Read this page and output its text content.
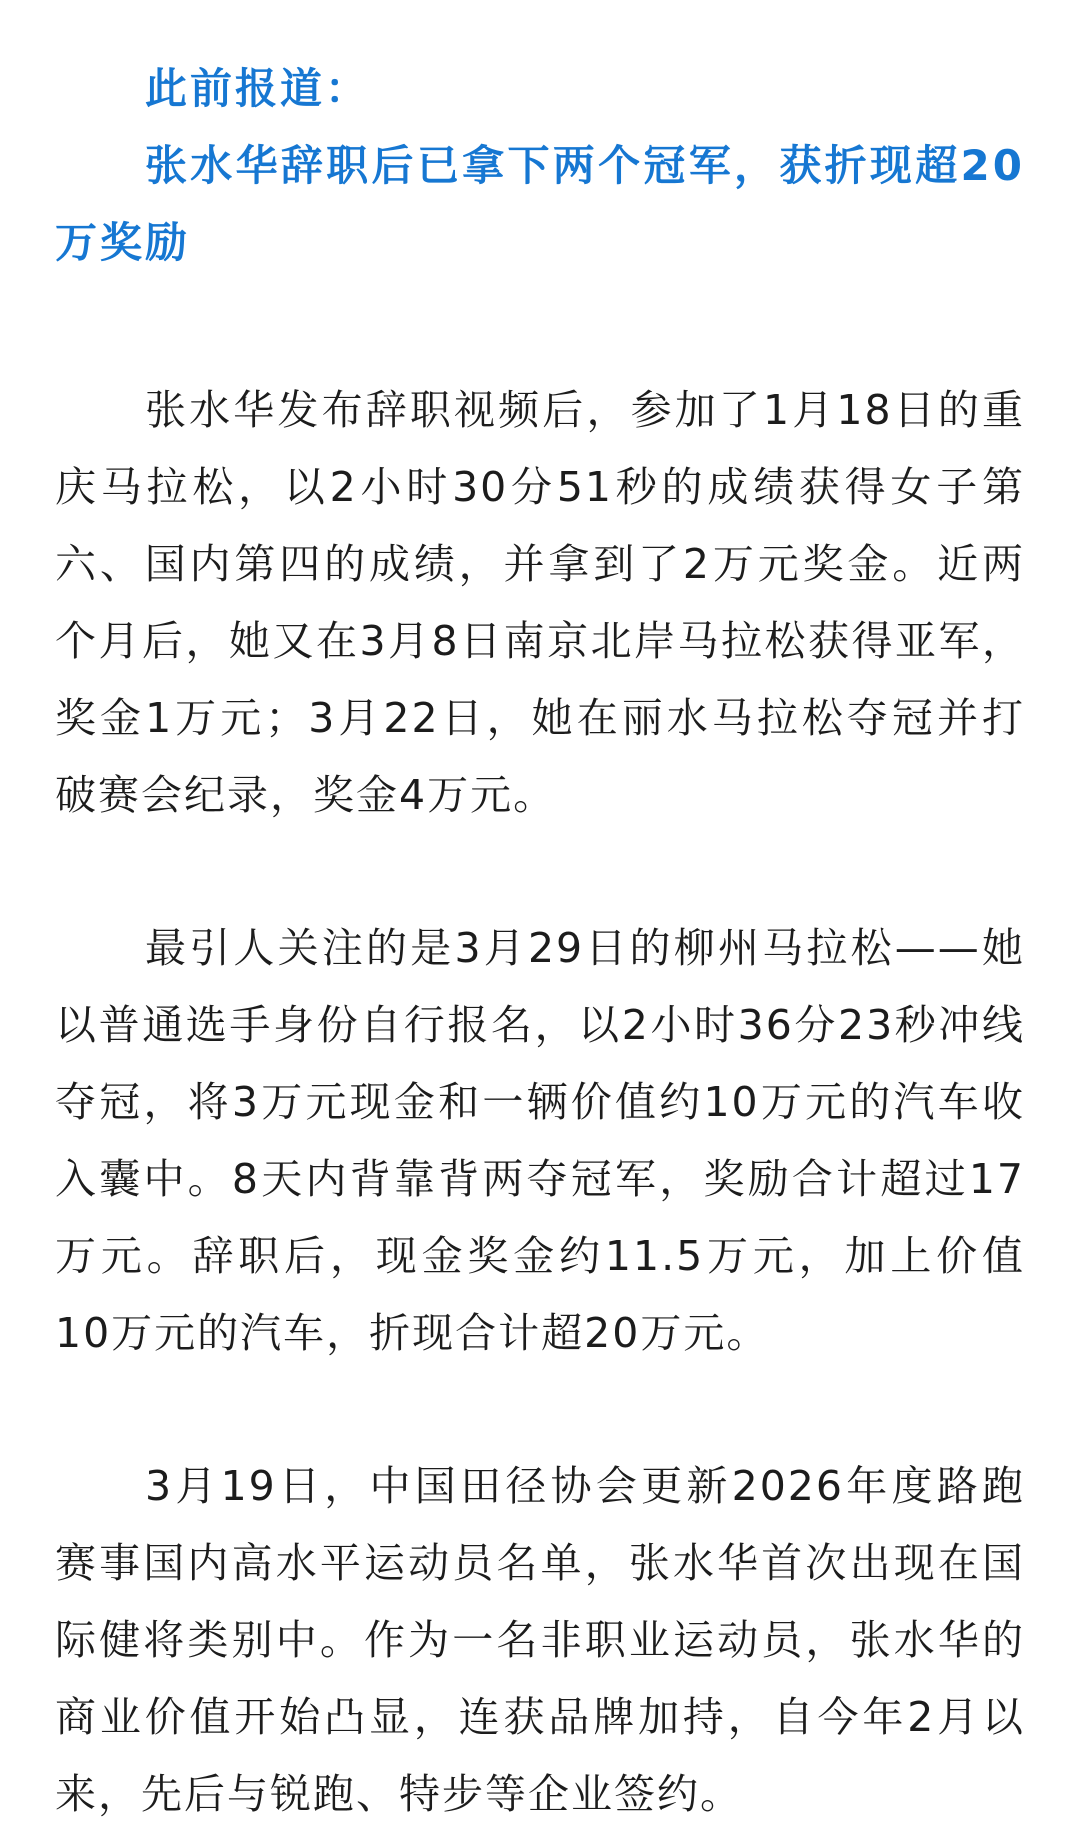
此前报道：

张水华辞职后已拿下两个冠军，获折现超20万奖励

张水华发布辞职视频后，参加了1月18日的重庆马拉松，以2小时30分51秒的成绩获得女子第六、国内第四的成绩，并拿到了2万元奖金。近两个月后，她又在3月8日南京北岸马拉松获得亚军，奖金1万元；3月22日，她在丽水马拉松夺冠并打破赛会纪录，奖金4万元。

最引人关注的是3月29日的柳州马拉松——她以普通选手身份自行报名，以2小时36分23秒冲线夺冠，将3万元现金和一辆价值约10万元的汽车收入囊中。8天内背靠背两夺冠军，奖励合计超过17万元。辞职后，现金奖金约11.5万元，加上价值10万元的汽车，折现合计超20万元。

3月19日，中国田径协会更新2026年度路跑赛事国内高水平运动员名单，张水华首次出现在国际健将类别中。作为一名非职业运动员，张水华的商业价值开始凸显，连获品牌加持，自今年2月以来，先后与锐跑、特步等企业签约。
